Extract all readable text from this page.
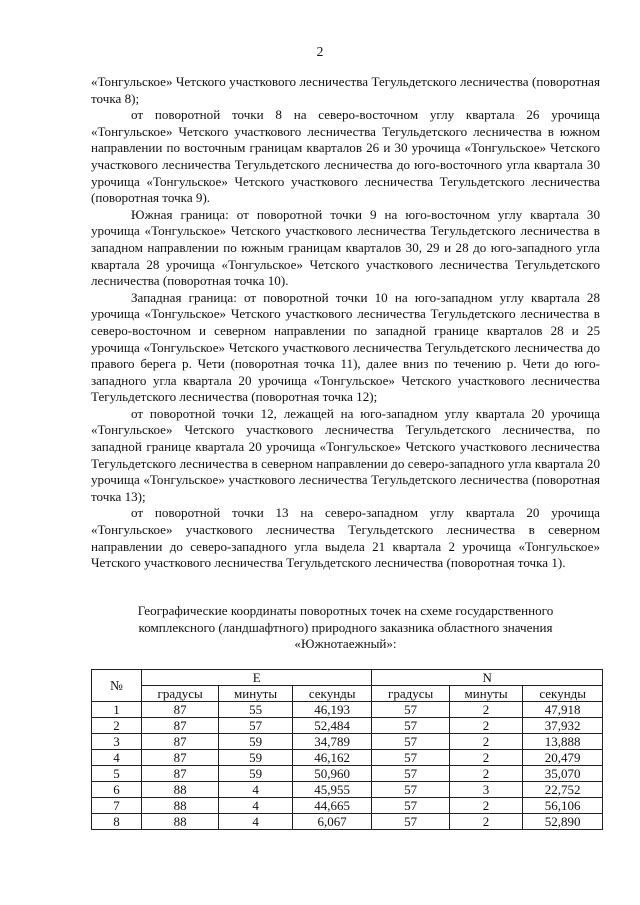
2

«Тонгульское» Четского участкового лесничества Тегульдетского лесничества (поворотная точка 8);

от поворотной точки 8 на северо-восточном углу квартала 26 урочища «Тонгульское» Четского участкового лесничества Тегульдетского лесничества в южном направлении по восточным границам кварталов 26 и 30 урочища «Тонгульское» Четского участкового лесничества Тегульдетского лесничества до юго-восточного угла квартала 30 урочища «Тонгульское» Четского участкового лесничества Тегульдетского лесничества (поворотная точка 9).

Южная граница: от поворотной точки 9 на юго-восточном углу квартала 30 урочища «Тонгульское» Четского участкового лесничества Тегульдетского лесничества в западном направлении по южным границам кварталов 30, 29 и 28 до юго-западного угла квартала 28 урочища «Тонгульское» Четского участкового лесничества Тегульдетского лесничества (поворотная точка 10).

Западная граница: от поворотной точки 10 на юго-западном углу квартала 28 урочища «Тонгульское» Четского участкового лесничества Тегульдетского лесничества в северо-восточном и северном направлении по западной границе кварталов 28 и 25 урочища «Тонгульское» Четского участкового лесничества Тегульдетского лесничества до правого берега р. Чети (поворотная точка 11), далее вниз по течению р. Чети до юго-западного угла квартала 20 урочища «Тонгульское» Четского участкового лесничества Тегульдетского лесничества (поворотная точка 12);

от поворотной точки 12, лежащей на юго-западном углу квартала 20 урочища «Тонгульское» Четского участкового лесничества Тегульдетского лесничества, по западной границе квартала 20 урочища «Тонгульское» Четского участкового лесничества Тегульдетского лесничества в северном направлении до северо-западного угла квартала 20 урочища «Тонгульское» участкового лесничества Тегульдетского лесничества (поворотная точка 13);

от поворотной точки 13 на северо-западном углу квартала 20 урочища «Тонгульское» участкового лесничества Тегульдетского лесничества в северном направлении до северо-западного угла выдела 21 квартала 2 урочища «Тонгульское» Четского участкового лесничества Тегульдетского лесничества (поворотная точка 1).

Географические координаты поворотных точек на схеме государственного
комплексного (ландшафтного) природного заказника областного значения
«Южнотаежный»:
№	E			N		
	градусы	минуты	секунды	градусы	минуты	секунды
1	87	55	46,193	57	2	47,918
2	87	57	52,484	57	2	37,932
3	87	59	34,789	57	2	13,888
4	87	59	46,162	57	2	20,479
5	87	59	50,960	57	2	35,070
6	88	4	45,955	57	3	22,752
7	88	4	44,665	57	2	56,106
8	88	4	6,067	57	2	52,890
